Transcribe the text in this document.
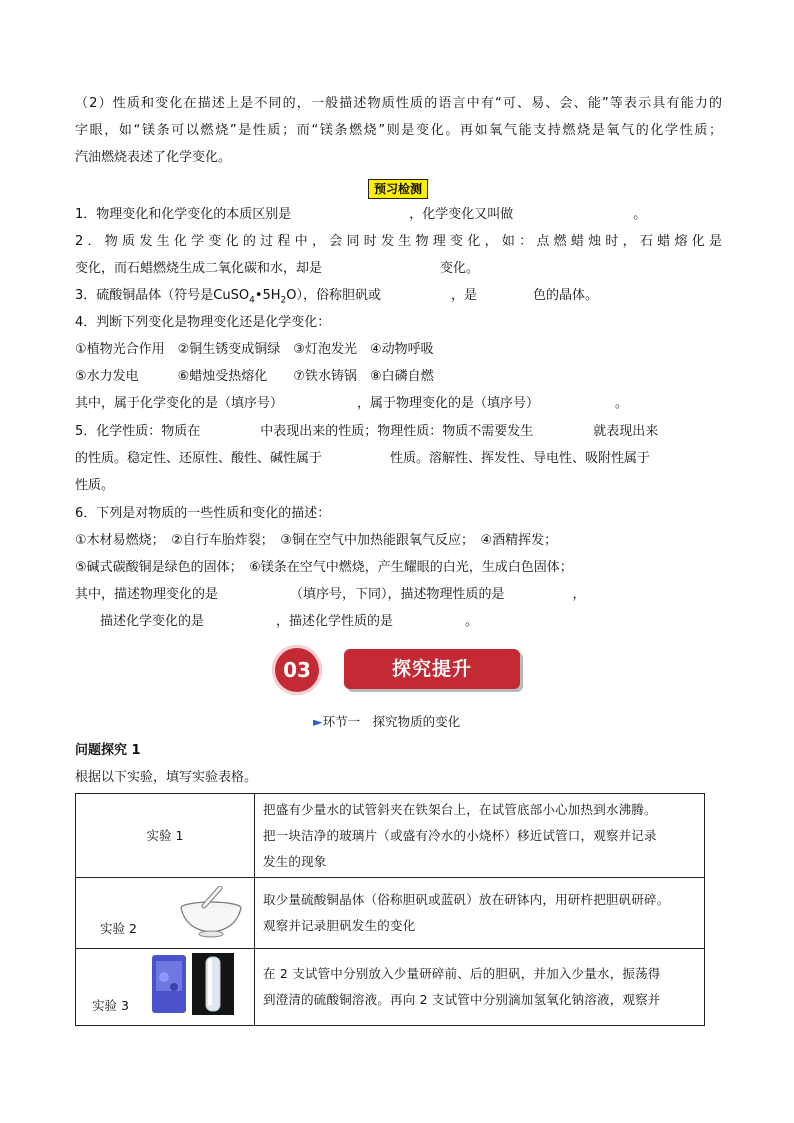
（2）性质和变化在描述上是不同的，一般描述物质性质的语言中有“可、易、会、能”等表示具有能力的
字眼，如“镁条可以燃烧”是性质；而“镁条燃烧”则是变化。再如氧气能支持燃烧是氧气的化学性质；
汽油燃烧表述了化学变化。
预习检测
1．物理变化和化学变化的本质区别是	，化学变化又叫做	。
2．物质发生化学变化的过程中，会同时发生物理变化，如：点燃蜡烛时，石蜡熔化是
变化，而石蜡燃烧生成二氧化碳和水，却是	变化。
3．硫酸铜晶体（符号是$CuSO_4•5H_2O$），俗称胆矾或	，是	色的晶体。
4．判断下列变化是物理变化还是化学变化：
①植物光合作用　②铜生锈变成铜绿　③灯泡发光　④动物呼吸
⑤水力发电　　　⑥蜡烛受热熔化　　⑦铁水铸锅　⑧白磷自燃
其中，属于化学变化的是（填序号）	，属于物理变化的是（填序号）	。
5．化学性质：物质在	中表现出来的性质；物理性质：物质不需要发生	就表现出来
的性质。稳定性、还原性、酸性、碱性属于	性质。溶解性、挥发性、导电性、吸附性属于
性质。
6．下列是对物质的一些性质和变化的描述：
①木材易燃烧；　②自行车胎炸裂；　③铜在空气中加热能跟氧气反应；　④酒精挥发；
⑤碱式碳酸铜是绿色的固体；　⑥镁条在空气中燃烧，产生耀眼的白光，生成白色固体；
其中，描述物理变化的是	（填序号，下同），描述物理性质的是	，
描述化学变化的是	，描述化学性质的是	。
03	探究提升
►环节一　探究物质的变化
问题探究 1
根据以下实验，填写实验表格。
实验 1	把盛有少量水的试管斜夹在铁架台上，在试管底部小心加热到水沸腾。
把一块洁净的玻璃片（或盛有冷水的小烧杯）移近试管口，观察并记录
发生的现象

实验 2	取少量硫酸铜晶体（俗称胆矾或蓝矾）放在研钵内，用研杵把胆矾研碎。
观察并记录胆矾发生的变化

实验 3	在 2 支试管中分别放入少量研碎前、后的胆矾，并加入少量水，振荡得
到澄清的硫酸铜溶液。再向 2 支试管中分别滴加氢氧化钠溶液，观察并
